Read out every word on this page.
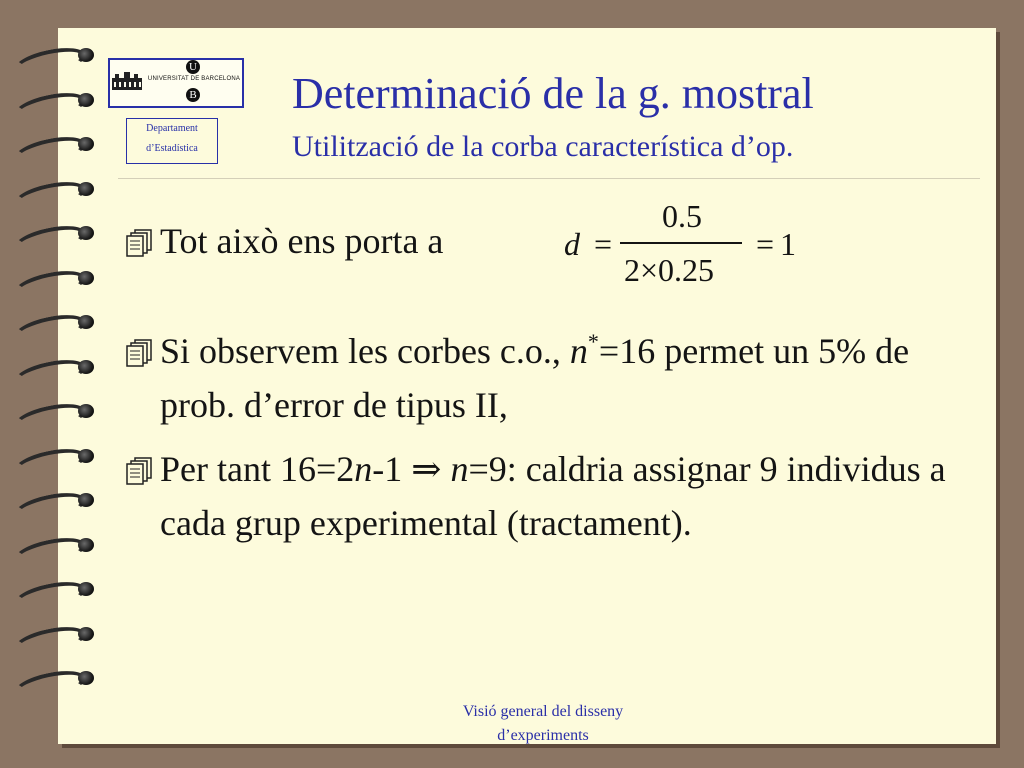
U
UNIVERSITAT DE BARCELONA
B
Departament
d’Estadística
Determinació de la g. mostral
Utilització de la corba característica d’op.
Tot això ens porta a	d =
0.5
2×0.25
= 1
Si observem les corbes c.o., n*=16 permet un 5% de prob. d’error de tipus II,
Per tant 16=2n-1 ⇒ n=9: caldria assignar 9 individus a cada grup experimental (tractament).
Visió general del disseny
d’experiments
